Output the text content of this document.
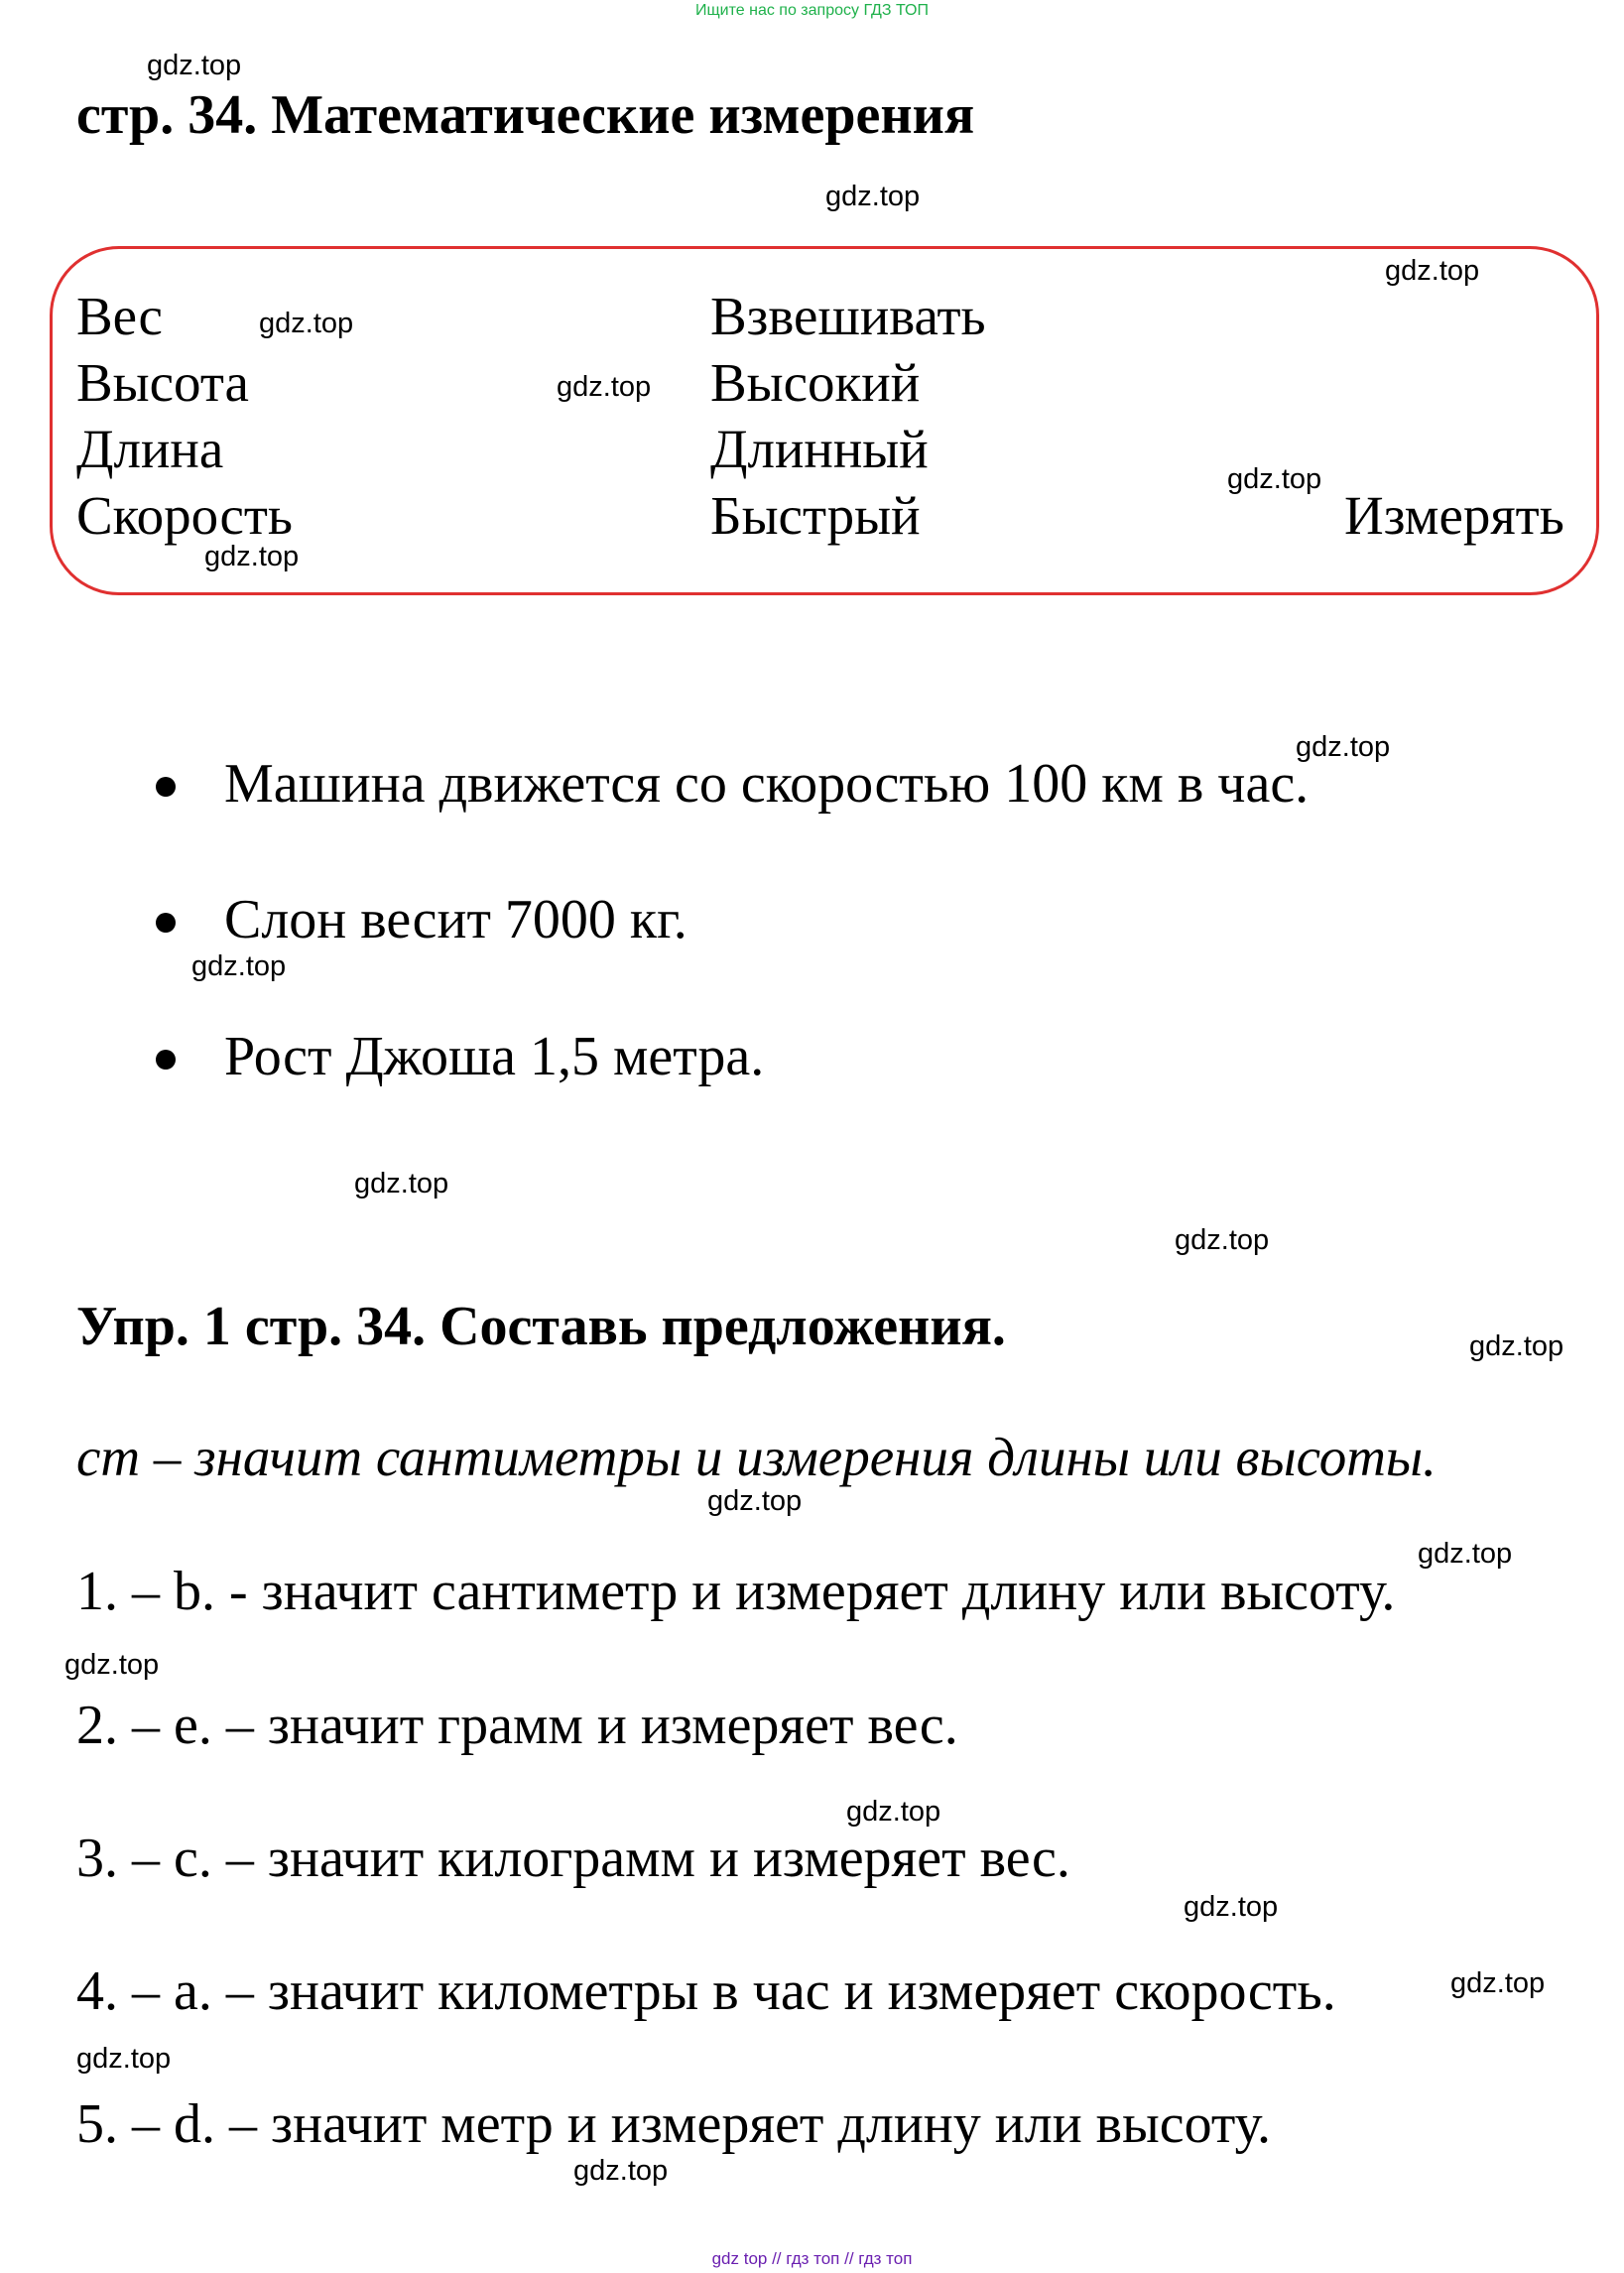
Ищите нас по запросу ГДЗ ТОП
стр. 34. Математические измерения
Вес
Высота
Длина
Скорость
Взвешивать
Высокий
Длинный
Быстрый	Измерять
Машина движется со скоростью 100 км в час.
Слон весит 7000 кг.
Рост Джоша 1,5 метра.
Упр. 1 стр. 34. Составь предложения.
cm – значит сантиметры и измерения длины или высоты.
1. – b. - значит сантиметр и измеряет длину или высоту.
2. – e. – значит грамм и измеряет вес.
3. – c. – значит килограмм и измеряет вес.
4. – a. – значит километры в час и измеряет скорость.
5. – d. – значит метр и измеряет длину или высоту.
gdz.top
gdz.top
gdz.top
gdz.top
gdz.top
gdz.top
gdz.top
gdz.top
gdz.top
gdz.top
gdz.top
gdz.top
gdz.top
gdz.top
gdz.top
gdz.top
gdz.top
gdz.top
gdz.top
gdz.top
gdz top // гдз топ // гдз топ
